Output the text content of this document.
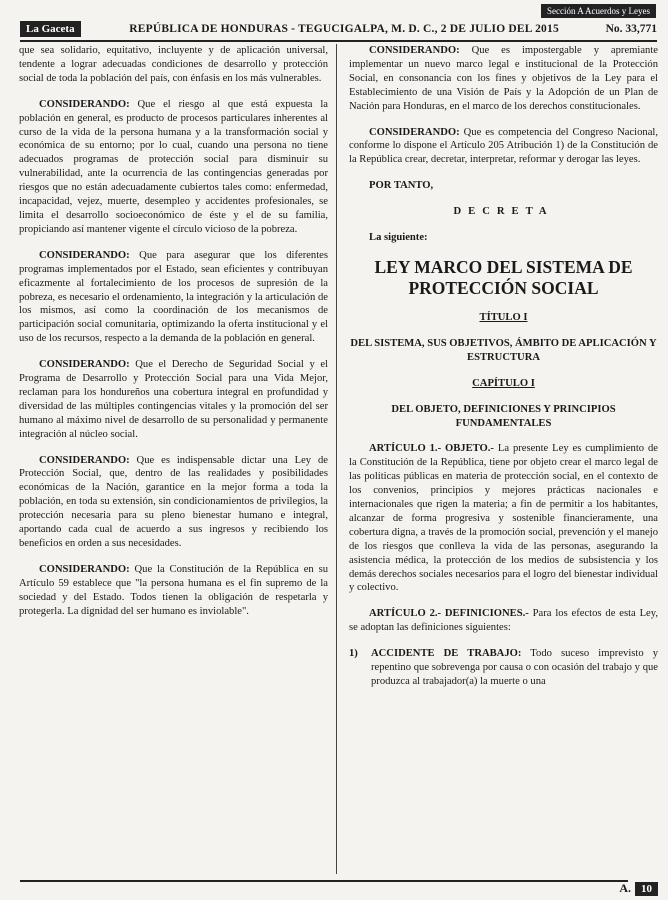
Sección A Acuerdos y Leyes
La Gaceta	REPÚBLICA DE HONDURAS - TEGUCIGALPA, M. D. C., 2 DE JULIO DEL 2015	No. 33,771

que sea solidario, equitativo, incluyente y de aplicación universal, tendente a lograr adecuadas condiciones de desarrollo y protección social de toda la población del país, con énfasis en los más vulnerables.

CONSIDERANDO: Que el riesgo al que está expuesta la población en general, es producto de procesos particulares inherentes al curso de la vida de la persona humana y a la transformación social y económica de su entorno; por lo cual, cuando una persona no tiene adecuados programas de protección social para disminuir su vulnerabilidad, ante la ocurrencia de las contingencias generadas por riesgos que no están adecuadamente cubiertos tales como: enfermedad, incapacidad, vejez, muerte, desempleo y accidentes profesionales, se limita el desarrollo socioeconómico de éste y el de su familia, propiciando así mantener vigente el círculo vicioso de la pobreza.

CONSIDERANDO: Que para asegurar que los diferentes programas implementados por el Estado, sean eficientes y contribuyan eficazmente al fortalecimiento de los procesos de supresión de la pobreza, es necesario el ordenamiento, la integración y la articulación de los mismos, así como la coordinación de los mecanismos de participación social comunitaria, optimizando la oferta institucional y el uso de los recursos, respecto a la demanda de la población en general.

CONSIDERANDO: Que el Derecho de Seguridad Social y el Programa de Desarrollo y Protección Social para una Vida Mejor, reclaman para los hondureños una cobertura integral en profundidad y diversidad de las múltiples contingencias vitales y la promoción del ser humano al máximo nivel de desarrollo de su personalidad y permanente integración al núcleo social.

CONSIDERANDO: Que es indispensable dictar una Ley de Protección Social, que, dentro de las realidades y posibilidades económicas de la Nación, garantice en la mejor forma a toda la población, en toda su extensión, sin condicionamientos de privilegios, la protección necesaria para su pleno bienestar humano e integral, aportando cada cual de acuerdo a sus ingresos y recibiendo los beneficios en orden a sus necesidades.

CONSIDERANDO: Que la Constitución de la República en su Artículo 59 establece que "la persona humana es el fin supremo de la sociedad y del Estado. Todos tienen la obligación de respetarla y protegerla. La dignidad del ser humano es inviolable".

CONSIDERANDO: Que es impostergable y apremiante implementar un nuevo marco legal e institucional de la Protección Social, en consonancia con los fines y objetivos de la Ley para el Establecimiento de una Visión de País y la Adopción de un Plan de Nación para Honduras, en el marco de los derechos constitucionales.

CONSIDERANDO: Que es competencia del Congreso Nacional, conforme lo dispone el Artículo 205 Atribución 1) de la Constitución de la República crear, decretar, interpretar, reformar y derogar las leyes.

POR TANTO,

DECRETA

La siguiente:

LEY MARCO DEL SISTEMA DE PROTECCIÓN SOCIAL

TÍTULO I

DEL SISTEMA, SUS OBJETIVOS, ÁMBITO DE APLICACIÓN Y ESTRUCTURA

CAPÍTULO I

DEL OBJETO, DEFINICIONES Y PRINCIPIOS FUNDAMENTALES

ARTÍCULO 1.- OBJETO.- La presente Ley es cumplimiento de la Constitución de la República, tiene por objeto crear el marco legal de las políticas públicas en materia de protección social, en el contexto de los convenios, principios y mejores prácticas nacionales e internacionales que rigen la materia; a fin de permitir a los habitantes, alcanzar de forma progresiva y sostenible financieramente, una cobertura digna, a través de la promoción social, prevención y el manejo de los riesgos que conlleva la vida de las personas, asegurando la asistencia médica, la protección de los medios de subsistencia y los demás derechos sociales necesarios para el logro del bienestar individual y colectivo.

ARTÍCULO 2.- DEFINICIONES.- Para los efectos de esta Ley, se adoptan las definiciones siguientes:

1)	ACCIDENTE DE TRABAJO: Todo suceso imprevisto y repentino que sobrevenga por causa o con ocasión del trabajo y que produzca al trabajador(a) la muerte o una
A. 10
